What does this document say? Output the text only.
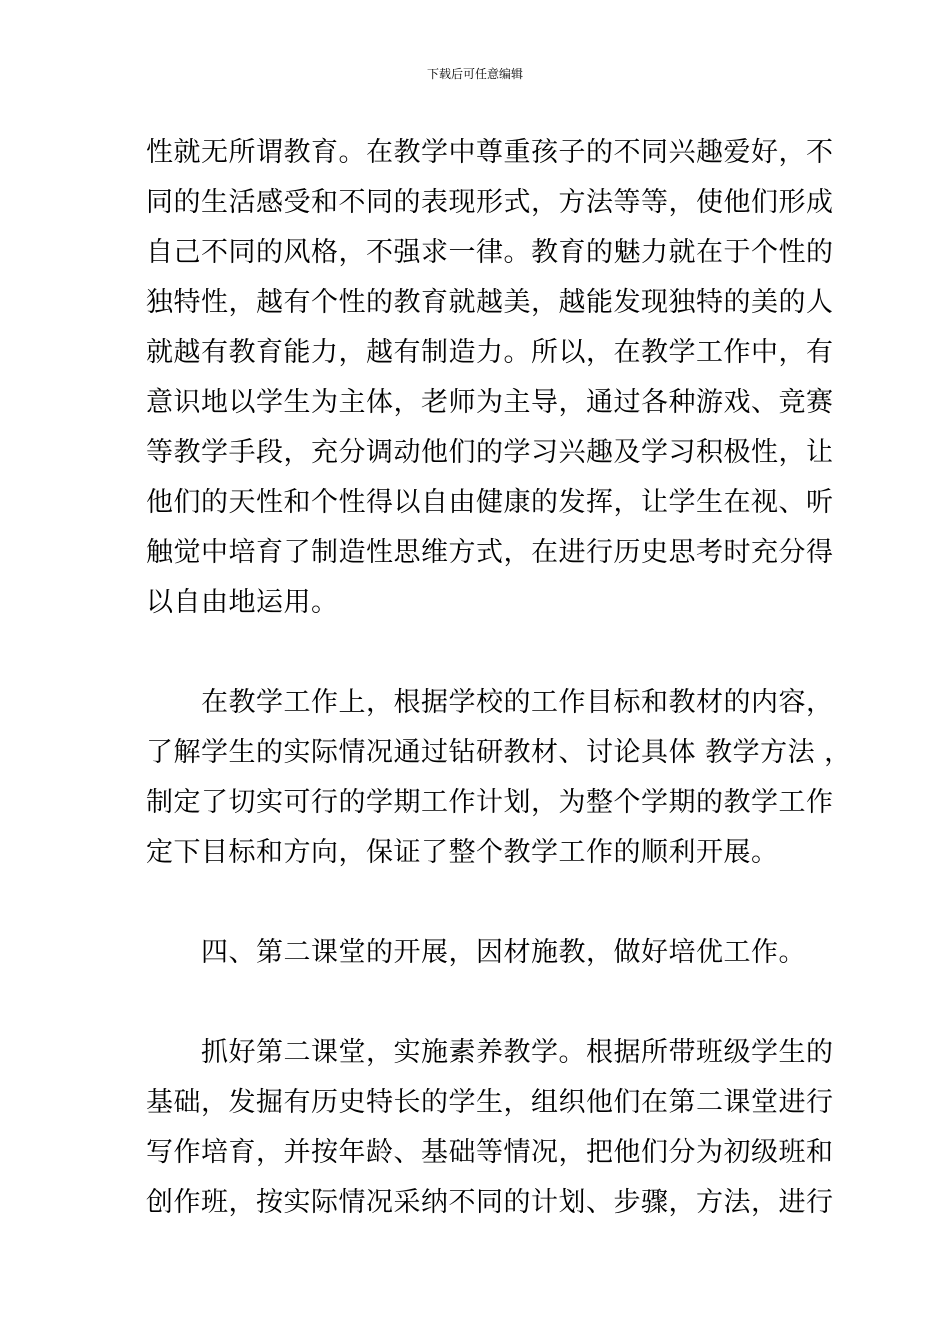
下载后可任意编辑
性就无所谓教育。在教学中尊重孩子的不同兴趣爱好，不
同的生活感受和不同的表现形式，方法等等，使他们形成
自己不同的风格，不强求一律。教育的魅力就在于个性的
独特性，越有个性的教育就越美，越能发现独特的美的人
就越有教育能力，越有制造力。所以，在教学工作中，有
意识地以学生为主体，老师为主导，通过各种游戏、竞赛
等教学手段，充分调动他们的学习兴趣及学习积极性，让
他们的天性和个性得以自由健康的发挥，让学生在视、听
触觉中培育了制造性思维方式，在进行历史思考时充分得
以自由地运用。
　　在教学工作上，根据学校的工作目标和教材的内容，
了解学生的实际情况通过钻研教材、讨论具体 教学方法 ，
制定了切实可行的学期工作计划，为整个学期的教学工作
定下目标和方向，保证了整个教学工作的顺利开展。
　　四、第二课堂的开展，因材施教，做好培优工作。
　　抓好第二课堂，实施素养教学。根据所带班级学生的
基础，发掘有历史特长的学生，组织他们在第二课堂进行
写作培育，并按年龄、基础等情况，把他们分为初级班和
创作班，按实际情况采纳不同的计划、步骤，方法，进行
